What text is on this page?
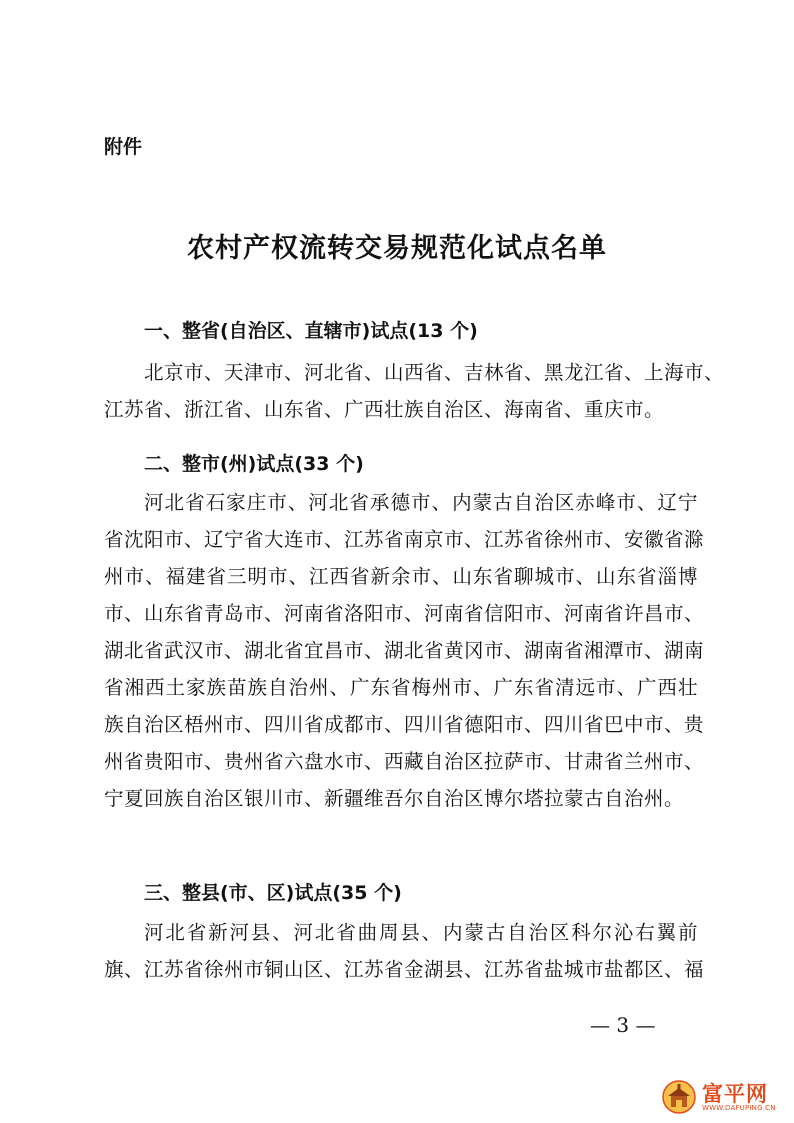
附件
农村产权流转交易规范化试点名单
一、整省(自治区、直辖市)试点(13 个)
北京市、天津市、河北省、山西省、吉林省、黑龙江省、上海市、
江苏省、浙江省、山东省、广西壮族自治区、海南省、重庆市。
二、整市(州)试点(33 个)
河北省石家庄市、河北省承德市、内蒙古自治区赤峰市、辽宁
省沈阳市、辽宁省大连市、江苏省南京市、江苏省徐州市、安徽省滁
州市、福建省三明市、江西省新余市、山东省聊城市、山东省淄博
市、山东省青岛市、河南省洛阳市、河南省信阳市、河南省许昌市、
湖北省武汉市、湖北省宜昌市、湖北省黄冈市、湖南省湘潭市、湖南
省湘西土家族苗族自治州、广东省梅州市、广东省清远市、广西壮
族自治区梧州市、四川省成都市、四川省德阳市、四川省巴中市、贵
州省贵阳市、贵州省六盘水市、西藏自治区拉萨市、甘肃省兰州市、
宁夏回族自治区银川市、新疆维吾尔自治区博尔塔拉蒙古自治州。
三、整县(市、区)试点(35 个)
河北省新河县、河北省曲周县、内蒙古自治区科尔沁右翼前
旗、江苏省徐州市铜山区、江苏省金湖县、江苏省盐城市盐都区、福
— 3 —
富平网
WWW.DAFUPING.CN
